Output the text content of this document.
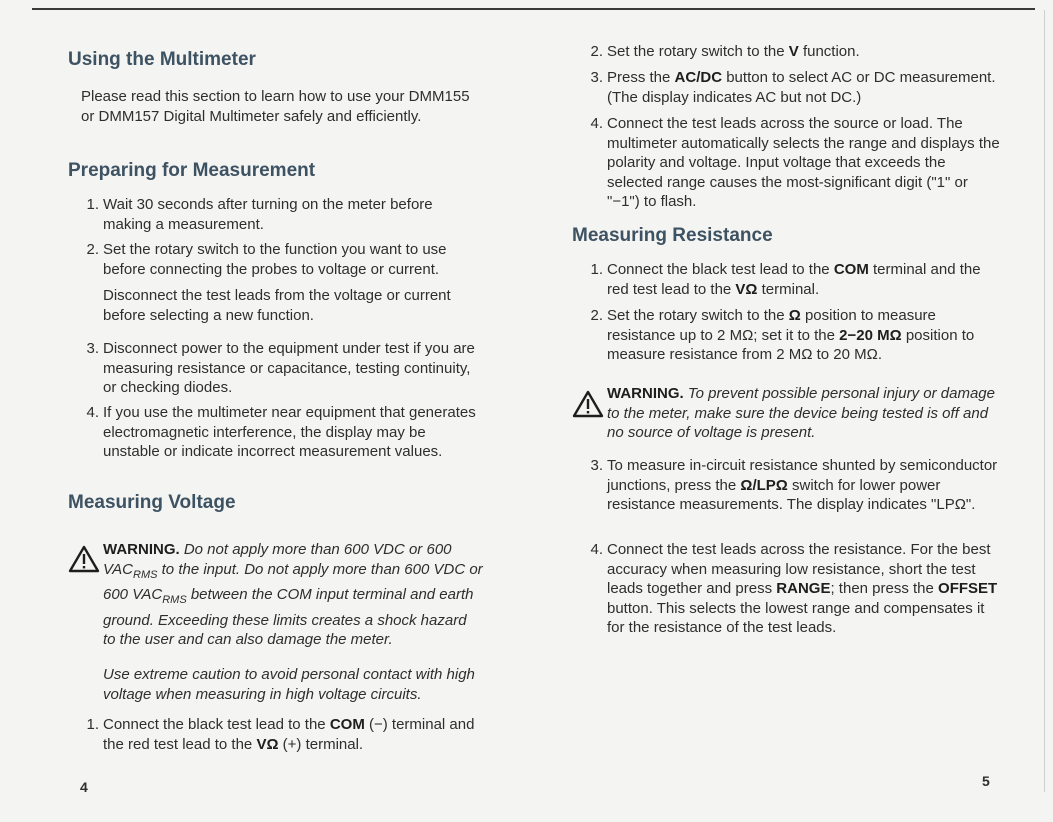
Using the Multimeter

Please read this section to learn how to use your DMM155 or DMM157 Digital Multimeter safely and efficiently.

Preparing for Measurement
1. Wait 30 seconds after turning on the meter before making a measurement.
2. Set the rotary switch to the function you want to use before connecting the probes to voltage or current.
Disconnect the test leads from the voltage or current before selecting a new function.
3. Disconnect power to the equipment under test if you are measuring resistance or capacitance, testing continuity, or checking diodes.
4. If you use the multimeter near equipment that generates electromagnetic interference, the display may be unstable or indicate incorrect measurement values.
Measuring Voltage
WARNING. Do not apply more than 600 VDC or 600 $VAC_{RMS}$ to the input. Do not apply more than 600 VDC or 600 $VAC_{RMS}$ between the COM input terminal and earth ground. Exceeding these limits creates a shock hazard to the user and can also damage the meter.
Use extreme caution to avoid personal contact with high voltage when measuring in high voltage circuits.
1. Connect the black test lead to the COM (−) terminal and the red test lead to the VΩ (+) terminal.
4
2. Set the rotary switch to the V function.
3. Press the AC/DC button to select AC or DC measurement. (The display indicates AC but not DC.)
4. Connect the test leads across the source or load. The multimeter automatically selects the range and displays the polarity and voltage. Input voltage that exceeds the selected range causes the most-significant digit ("1" or "−1") to flash.
Measuring Resistance
1. Connect the black test lead to the COM terminal and the red test lead to the VΩ terminal.
2. Set the rotary switch to the Ω position to measure resistance up to 2 MΩ; set it to the 2−20 MΩ position to measure resistance from 2 MΩ to 20 MΩ.
WARNING. To prevent possible personal injury or damage to the meter, make sure the device being tested is off and no source of voltage is present.
3. To measure in-circuit resistance shunted by semiconductor junctions, press the Ω/LPΩ switch for lower power resistance measurements. The display indicates "LPΩ".
4. Connect the test leads across the resistance. For the best accuracy when measuring low resistance, short the test leads together and press RANGE; then press the OFFSET button. This selects the lowest range and compensates it for the resistance of the test leads.
5
